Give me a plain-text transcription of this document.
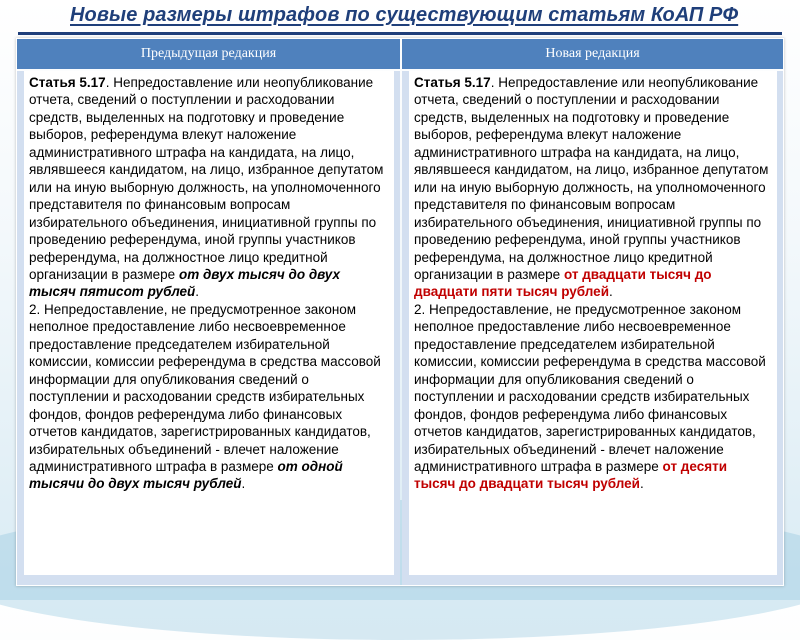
Новые размеры штрафов по существующим статьям КоАП РФ
Предыдущая редакция	Новая редакция
Статья 5.17. Непредоставление или неопубликование отчета, сведений о поступлении и расходовании средств, выделенных на подготовку и проведение выборов, референдума влекут наложение административного штрафа на кандидата, на лицо, являвшееся кандидатом, на лицо, избранное депутатом или на иную выборную должность, на уполномоченного представителя по финансовым вопросам избирательного объединения, инициативной группы по проведению референдума, иной группы участников референдума, на должностное лицо кредитной организации в размере от двух тысяч до двух тысяч пятисот рублей.
2. Непредоставление, не предусмотренное законом неполное предоставление либо несвоевременное предоставление председателем избирательной комиссии, комиссии референдума в средства массовой информации для опубликования сведений о поступлении и расходовании средств избирательных фондов, фондов референдума либо финансовых отчетов кандидатов, зарегистрированных кандидатов, избирательных объединений - влечет наложение административного штрафа в размере от одной тысячи до двух тысяч рублей.
Статья 5.17. Непредоставление или неопубликование отчета, сведений о поступлении и расходовании средств, выделенных на подготовку и проведение выборов, референдума влекут наложение административного штрафа на кандидата, на лицо, являвшееся кандидатом, на лицо, избранное депутатом или на иную выборную должность, на уполномоченного представителя по финансовым вопросам избирательного объединения, инициативной группы по проведению референдума, иной группы участников референдума, на должностное лицо кредитной организации в размере от двадцати тысяч до двадцати пяти тысяч рублей.
2. Непредоставление, не предусмотренное законом неполное предоставление либо несвоевременное предоставление председателем избирательной комиссии, комиссии референдума в средства массовой информации для опубликования сведений о поступлении и расходовании средств избирательных фондов, фондов референдума либо финансовых отчетов кандидатов, зарегистрированных кандидатов, избирательных объединений - влечет наложение административного штрафа в размере от десяти тысяч до двадцати тысяч рублей.
